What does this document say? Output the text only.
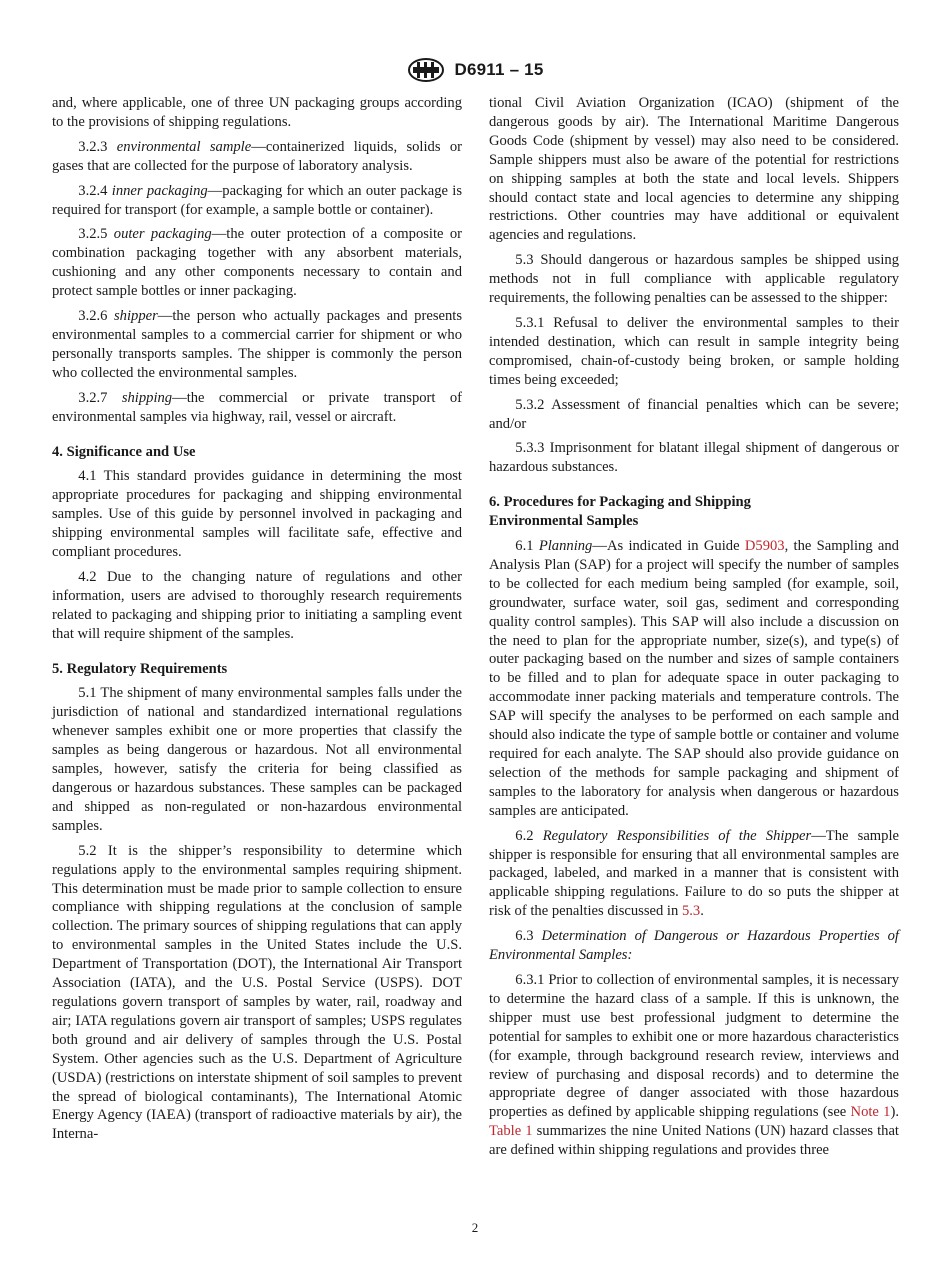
D6911 – 15

and, where applicable, one of three UN packaging groups according to the provisions of shipping regulations.

3.2.3 environmental sample—containerized liquids, solids or gases that are collected for the purpose of laboratory analysis.

3.2.4 inner packaging—packaging for which an outer package is required for transport (for example, a sample bottle or container).

3.2.5 outer packaging—the outer protection of a composite or combination packaging together with any absorbent materials, cushioning and any other components necessary to contain and protect sample bottles or inner packaging.

3.2.6 shipper—the person who actually packages and presents environmental samples to a commercial carrier for shipment or who personally transports samples. The shipper is commonly the person who collected the environmental samples.

3.2.7 shipping—the commercial or private transport of environmental samples via highway, rail, vessel or aircraft.

4. Significance and Use

4.1 This standard provides guidance in determining the most appropriate procedures for packaging and shipping environmental samples. Use of this guide by personnel involved in packaging and shipping environmental samples will facilitate safe, effective and compliant procedures.

4.2 Due to the changing nature of regulations and other information, users are advised to thoroughly research requirements related to packaging and shipping prior to initiating a sampling event that will require shipment of the samples.

5. Regulatory Requirements

5.1 The shipment of many environmental samples falls under the jurisdiction of national and standardized international regulations whenever samples exhibit one or more properties that classify the samples as being dangerous or hazardous. Not all environmental samples, however, satisfy the criteria for being classified as dangerous or hazardous substances. These samples can be packaged and shipped as non-regulated or non-hazardous environmental samples.

5.2 It is the shipper’s responsibility to determine which regulations apply to the environmental samples requiring shipment. This determination must be made prior to sample collection to ensure compliance with shipping regulations at the conclusion of sample collection. The primary sources of shipping regulations that can apply to environmental samples in the United States include the U.S. Department of Transportation (DOT), the International Air Transport Association (IATA), and the U.S. Postal Service (USPS). DOT regulations govern transport of samples by water, rail, roadway and air; IATA regulations govern air transport of samples; USPS regulates both ground and air delivery of samples through the U.S. Postal System. Other agencies such as the U.S. Department of Agriculture (USDA) (restrictions on interstate shipment of soil samples to prevent the spread of biological contaminants), The International Atomic Energy Agency (IAEA) (transport of radioactive materials by air), the Interna-

tional Civil Aviation Organization (ICAO) (shipment of the dangerous goods by air). The International Maritime Dangerous Goods Code (shipment by vessel) may also need to be considered. Sample shippers must also be aware of the potential for restrictions on shipping samples at both the state and local levels. Shippers should contact state and local agencies to determine any shipping restrictions. Other countries may have additional or equivalent agencies and regulations.

5.3 Should dangerous or hazardous samples be shipped using methods not in full compliance with applicable regulatory requirements, the following penalties can be assessed to the shipper:

5.3.1 Refusal to deliver the environmental samples to their intended destination, which can result in sample integrity being compromised, chain-of-custody being broken, or sample holding times being exceeded;

5.3.2 Assessment of financial penalties which can be severe; and/or

5.3.3 Imprisonment for blatant illegal shipment of dangerous or hazardous substances.

6. Procedures for Packaging and Shipping
Environmental Samples

6.1 Planning—As indicated in Guide D5903, the Sampling and Analysis Plan (SAP) for a project will specify the number of samples to be collected for each medium being sampled (for example, soil, groundwater, surface water, soil gas, sediment and corresponding quality control samples). This SAP will also include a discussion on the need to plan for the appropriate number, size(s), and type(s) of outer packaging based on the number and sizes of sample containers to be filled and to plan for adequate space in outer packaging to accommodate inner packing materials and temperature controls. The SAP will specify the analyses to be performed on each sample and should also indicate the type of sample bottle or container and volume required for each analyte. The SAP should also provide guidance on selection of the methods for sample packaging and shipment of samples to the laboratory for analysis when dangerous or hazardous samples are anticipated.

6.2 Regulatory Responsibilities of the Shipper—The sample shipper is responsible for ensuring that all environmental samples are packaged, labeled, and marked in a manner that is consistent with applicable shipping regulations. Failure to do so puts the shipper at risk of the penalties discussed in 5.3.

6.3 Determination of Dangerous or Hazardous Properties of Environmental Samples:

6.3.1 Prior to collection of environmental samples, it is necessary to determine the hazard class of a sample. If this is unknown, the shipper must use best professional judgment to determine the potential for samples to exhibit one or more hazardous characteristics (for example, through background research review, interviews and review of purchasing and disposal records) and to determine the appropriate degree of danger associated with those hazardous properties as defined by applicable shipping regulations (see Note 1). Table 1 summarizes the nine United Nations (UN) hazard classes that are defined within shipping regulations and provides three

2
